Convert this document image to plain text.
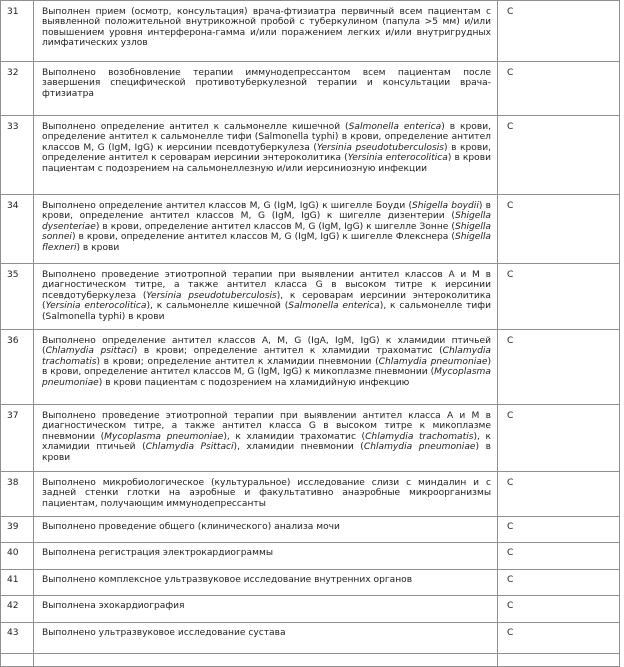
31	Выполнен прием (осмотр, консультация) врача-фтизиатра первичный всем пациентам с выявленной положительной внутрикожной пробой с туберкулином (папула >5 мм) и/или повышением уровня интерферона-гамма и/или поражением легких и/или внутригрудных лимфатических узлов	С
32	Выполнено возобновление терапии иммунодепрессантом всем пациентам после завершения специфической противотуберкулезной терапии и консультации врача-фтизиатра	С
33	Выполнено определение антител к сальмонелле кишечной (Salmonella enterica) в крови, определение антител к сальмонелле тифи (Salmonella typhi) в крови, определение антител классов M, G (IgM, IgG) к иерсинии псевдотуберкулеза (Yersinia pseudotuberculosis) в крови, определение антител к сероварам иерсинии энтероколитика (Yersinia enterocolitica) в крови пациентам с подозрением на сальмонеллезную и/или иерсиниозную инфекции	С
34	Выполнено определение антител классов M, G (IgM, IgG) к шигелле Боуди (Shigella boydii) в крови, определение антител классов M, G (IgM, IgG) к шигелле дизентерии (Shigella dysenteriae) в крови, определение антител классов M, G (IgM, IgG) к шигелле Зонне (Shigella sonnei) в крови, определение антител классов M, G (IgM, IgG) к шигелле Флекснера (Shigella flexneri) в крови	С
35	Выполнено проведение этиотропной терапии при выявлении антител классов A и M в диагностическом титре, а также антител класса G в высоком титре к иерсинии псевдотуберкулеза (Yersinia pseudotuberculosis), к сероварам иерсинии энтероколитика (Yersinia enterocolitica), к сальмонелле кишечной (Salmonella enterica), к сальмонелле тифи (Salmonella typhi) в крови	С
36	Выполнено определение антител классов A, M, G (IgA, IgM, IgG) к хламидии птичьей (Chlamydia psittaci) в крови; определение антител к хламидии трахоматис (Chlamydia trachomatis) в крови; определение антител к хламидии пневмонии (Chlamydia pneumoniae) в крови, определение антител классов M, G (IgM, IgG) к микоплазме пневмонии (Mycoplasma pneumoniae) в крови пациентам с подозрением на хламидийную инфекцию	С
37	Выполнено проведение этиотропной терапии при выявлении антител класса A и M в диагностическом титре, а также антител класса G в высоком титре к микоплазме пневмонии (Mycoplasma pneumoniae), к хламидии трахоматис (Chlamydia trachomatis), к хламидии птичьей (Chlamydia Psittaci), хламидии пневмонии (Chlamydia pneumoniae) в крови	С
38	Выполнено микробиологическое (культуральное) исследование слизи с миндалин и с задней стенки глотки на аэробные и факультативно анаэробные микроорганизмы пациентам, получающим иммунодепрессанты	С
39	Выполнено проведение общего (клинического) анализа мочи	С
40	Выполнена регистрация электрокардиограммы	С
41	Выполнено комплексное ультразвуковое исследование внутренних органов	С
42	Выполнена эхокардиография	С
43	Выполнено ультразвуковое исследование сустава	С
